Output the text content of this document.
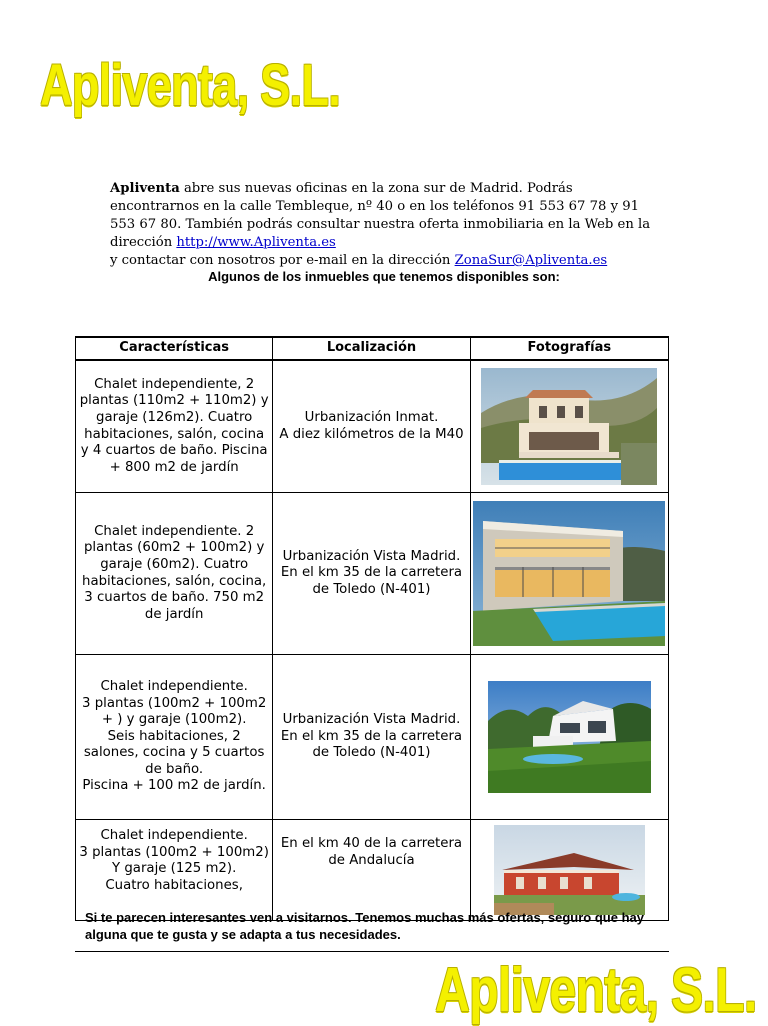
Apliventa, S.L.
Apliventa abre sus nuevas oficinas en la zona sur de Madrid. Podrás encontrarnos en la calle Tembleque, nº 40 o en los teléfonos 91 553 67 78 y 91 553 67 80. También podrás consultar nuestra oferta inmobiliaria en la Web en la dirección http://www.Apliventa.es
y contactar con nosotros por e-mail en la dirección ZonaSur@Apliventa.es
Algunos de los inmuebles que tenemos disponibles son:
Características	Localización	Fotografías

Chalet independiente, 2 plantas (110m2 + 110m2) y garaje (126m2). Cuatro habitaciones, salón, cocina y 4 cuartos de baño. Piscina + 800 m2 de jardín	Urbanización Inmat.
A diez kilómetros de la M40

Chalet independiente. 2 plantas (60m2 + 100m2) y garaje (60m2). Cuatro habitaciones, salón, cocina, 3 cuartos de baño. 750 m2 de jardín	Urbanización Vista Madrid.
En el km 35 de la carretera
de Toledo (N-401)

Chalet independiente.
3 plantas (100m2 + 100m2 + ) y garaje (100m2).
Seis habitaciones, 2 salones, cocina y 5 cuartos de baño.
Piscina + 100 m2 de jardín.	Urbanización Vista Madrid.
En el km 35 de la carretera
de Toledo (N-401)

Chalet independiente.
3 plantas (100m2 + 100m2)
Y garaje (125 m2).
Cuatro habitaciones,	En el km 40 de la carretera
de Andalucía

Si te parecen interesantes ven a visitarnos. Tenemos muchas más ofertas, seguro que hay alguna que te gusta y se adapta a tus necesidades.
Apliventa, S.L.
